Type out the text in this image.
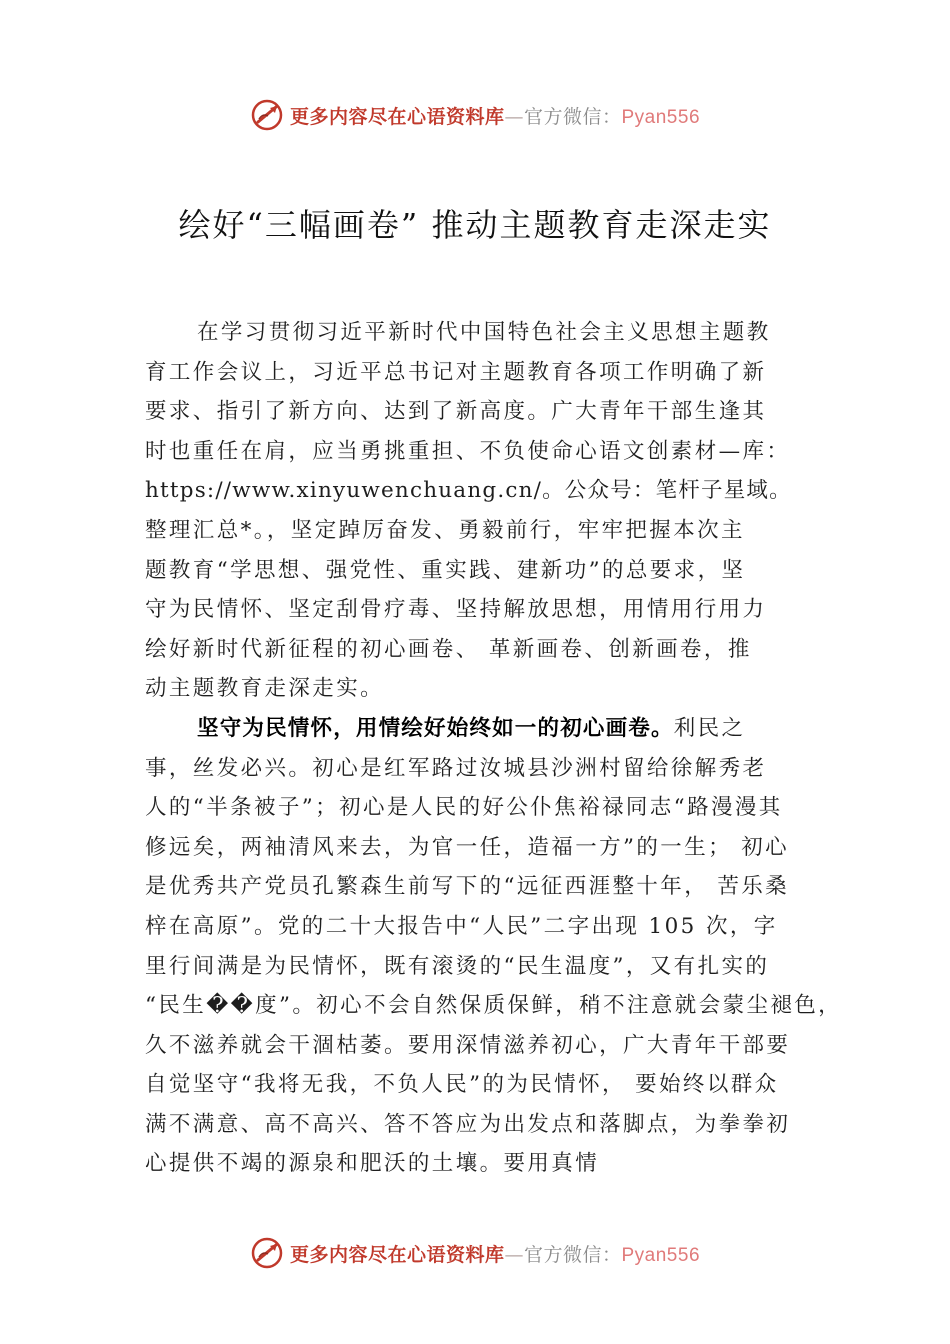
更多内容尽在心语资料库—官方微信：Pyan556
绘好“三幅画卷” 推动主题教育走深走实
在学习贯彻习近平新时代中国特色社会主义思想主题教
育工作会议上，习近平总书记对主题教育各项工作明确了新
要求、指引了新方向、达到了新高度。广大青年干部生逢其
时也重任在肩，应当勇挑重担、不负使命心语文创素材—库：
https://www.xinyuwenchuang.cn/。公众号：笔杆子星域。
整理汇总*。，坚定踔厉奋发、勇毅前行，牢牢把握本次主
题教育“学思想、强党性、重实践、建新功”的总要求，坚
守为民情怀、坚定刮骨疗毒、坚持解放思想，用情用行用力
绘好新时代新征程的初心画卷、 革新画卷、创新画卷，推
动主题教育走深走实。
坚守为民情怀，用情绘好始终如一的初心画卷。利民之
事，丝发必兴。初心是红军路过汝城县沙洲村留给徐解秀老
人的“半条被子”；初心是人民的好公仆焦裕禄同志“路漫漫其
修远矣，两袖清风来去，为官一任，造福一方”的一生； 初心
是优秀共产党员孔繁森生前写下的“远征西涯整十年， 苦乐桑
梓在高原”。党的二十大报告中“人民”二字出现 105 次，字
里行间满是为民情怀，既有滚烫的“民生温度”，又有扎实的
“民生��度”。初心不会自然保质保鲜，稍不注意就会蒙尘褪色，
久不滋养就会干涸枯萎。要用深情滋养初心，广大青年干部要
自觉坚守“我将无我，不负人民”的为民情怀， 要始终以群众
满不满意、高不高兴、答不答应为出发点和落脚点，为拳拳初
心提供不竭的源泉和肥沃的土壤。要用真情
更多内容尽在心语资料库—官方微信：Pyan556
